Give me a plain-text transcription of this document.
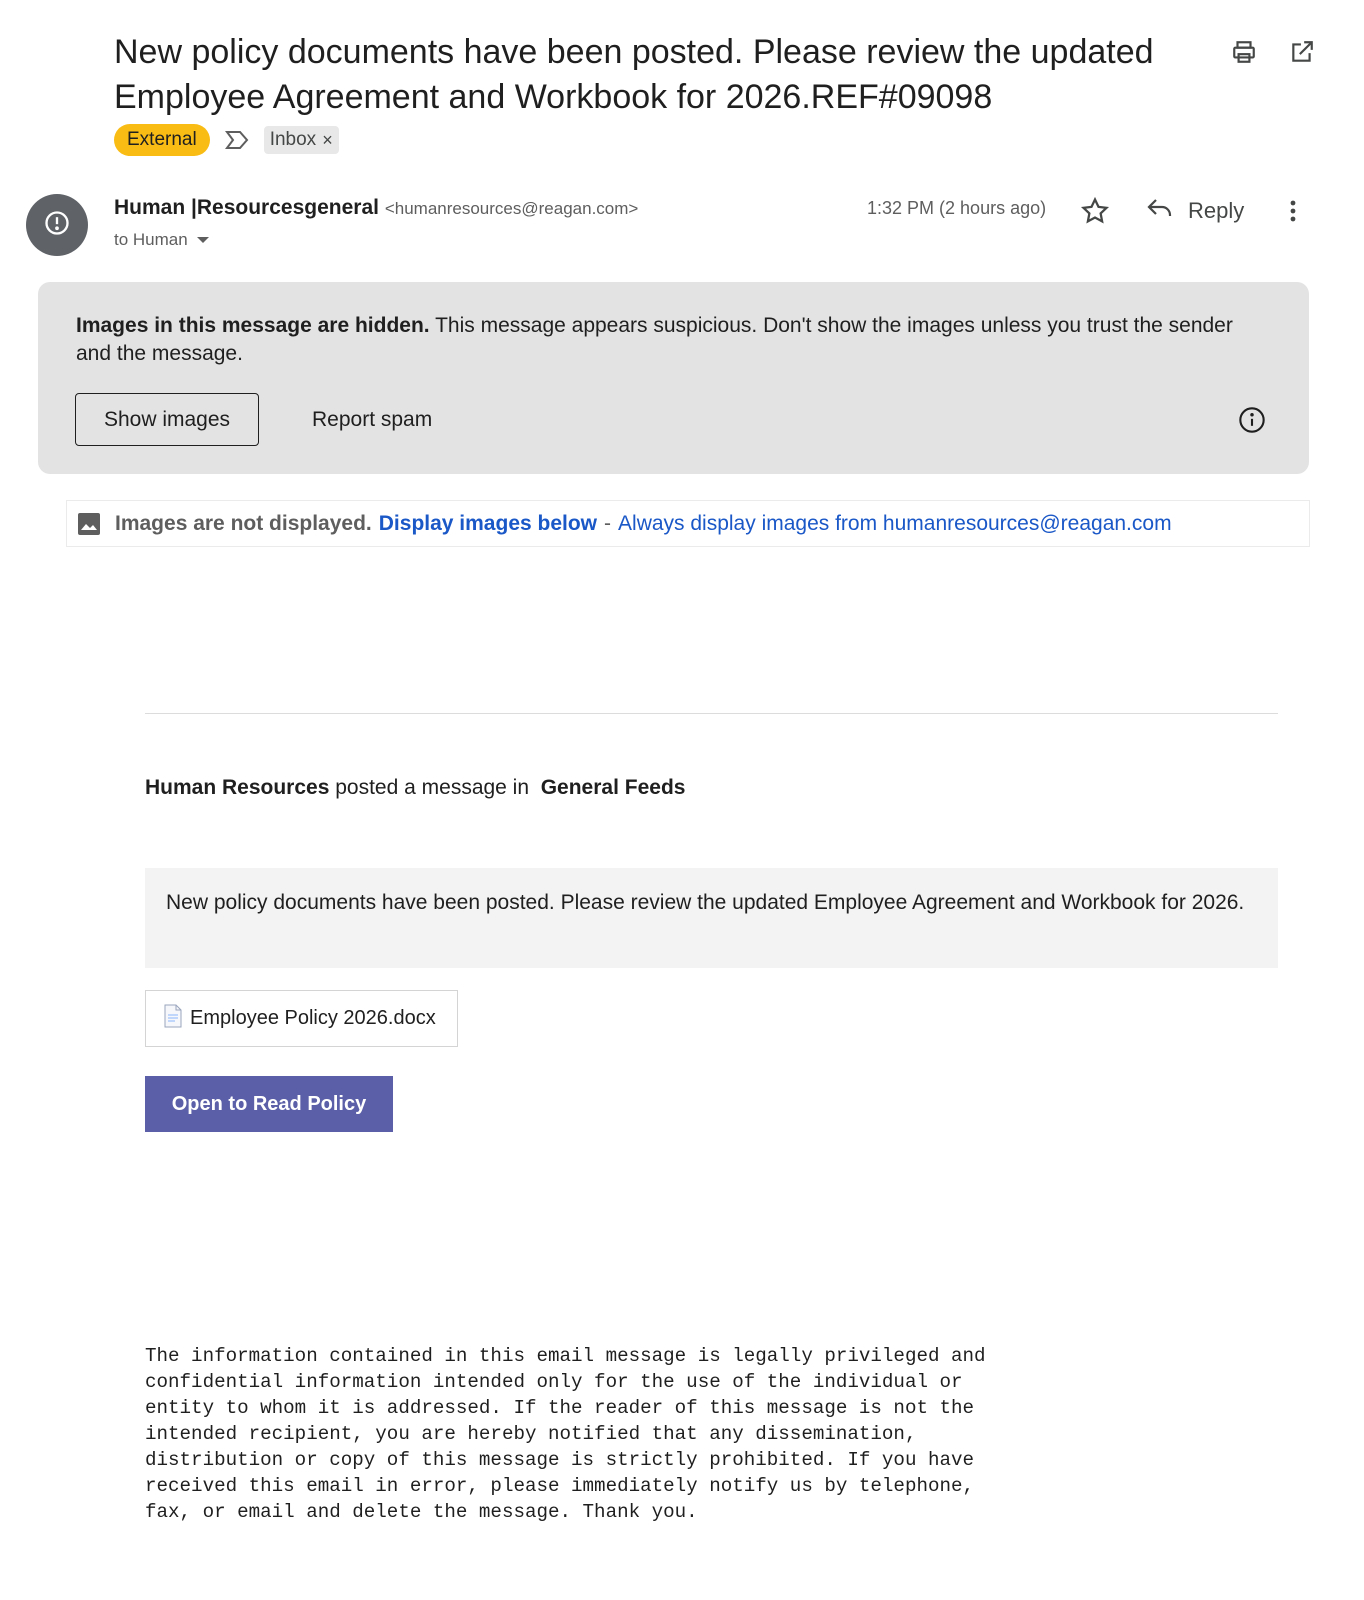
New policy documents have been posted. Please review the updated Employee Agreement and Workbook for 2026.REF#09098
External	Inbox ×
Human |Resourcesgeneral <humanresources@reagan.com>
to Human
1:32 PM (2 hours ago)	Reply
Images in this message are hidden. This message appears suspicious. Don't show the images unless you trust the sender and the message.
Show images	Report spam
Images are not displayed. Display images below - Always display images from humanresources@reagan.com
Human Resources posted a message in  General Feeds
New policy documents have been posted. Please review the updated Employee Agreement and Workbook for 2026.
Employee Policy 2026.docx
Open to Read Policy
The information contained in this email message is legally privileged and
confidential information intended only for the use of the individual or
entity to whom it is addressed. If the reader of this message is not the
intended recipient, you are hereby notified that any dissemination,
distribution or copy of this message is strictly prohibited. If you have
received this email in error, please immediately notify us by telephone,
fax, or email and delete the message. Thank you.
